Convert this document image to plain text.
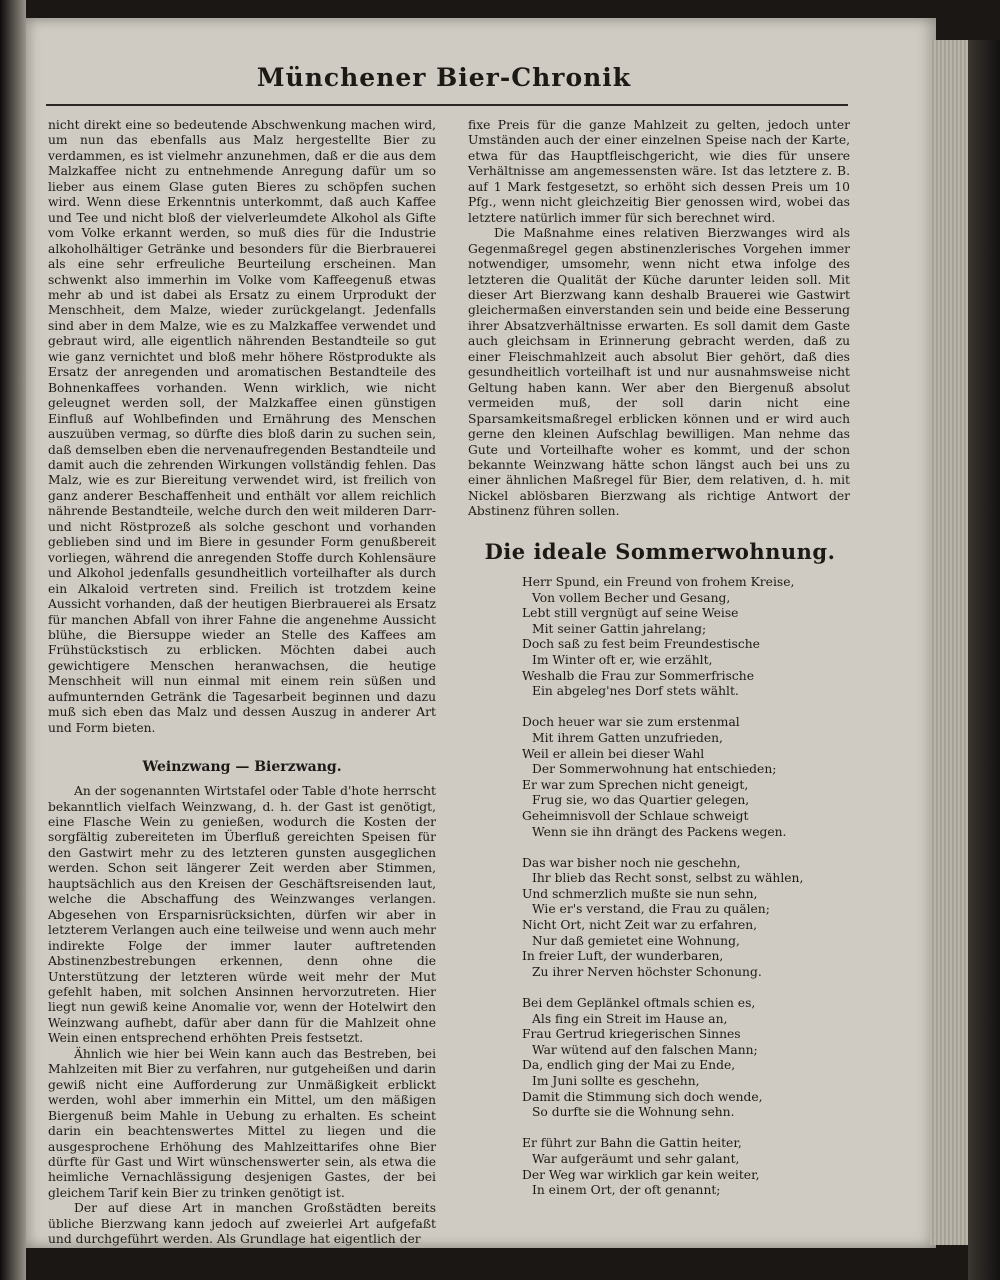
Münchener Bier-Chronik

nicht direkt eine so bedeutende Abschwenkung machen wird, um nun das ebenfalls aus Malz hergestellte Bier zu verdammen, es ist vielmehr anzunehmen, daß er die aus dem Malzkaffee nicht zu entnehmende Anregung dafür um so lieber aus einem Glase guten Bieres zu schöpfen suchen wird. Wenn diese Erkenntnis unterkommt, daß auch Kaffee und Tee und nicht bloß der vielverleumdete Alkohol als Gifte vom Volke erkannt werden, so muß dies für die Industrie alkoholhältiger Getränke und besonders für die Bierbrauerei als eine sehr erfreuliche Beurteilung erscheinen. Man schwenkt also immerhin im Volke vom Kaffeegenuß etwas mehr ab und ist dabei als Ersatz zu einem Urprodukt der Menschheit, dem Malze, wieder zurückgelangt. Jedenfalls sind aber in dem Malze, wie es zu Malzkaffee verwendet und gebraut wird, alle eigentlich nährenden Bestandteile so gut wie ganz vernichtet und bloß mehr höhere Röstprodukte als Ersatz der anregenden und aromatischen Bestandteile des Bohnenkaffees vorhanden. Wenn wirklich, wie nicht geleugnet werden soll, der Malzkaffee einen günstigen Einfluß auf Wohlbefinden und Ernährung des Menschen auszuüben vermag, so dürfte dies bloß darin zu suchen sein, daß demselben eben die nervenaufregenden Bestandteile und damit auch die zehrenden Wirkungen vollständig fehlen. Das Malz, wie es zur Biereitung verwendet wird, ist freilich von ganz anderer Beschaffenheit und enthält vor allem reichlich nährende Bestandteile, welche durch den weit milderen Darr- und nicht Röstprozeß als solche geschont und vorhanden geblieben sind und im Biere in gesunder Form genußbereit vorliegen, während die anregenden Stoffe durch Kohlensäure und Alkohol jedenfalls gesundheitlich vorteilhafter als durch ein Alkaloid vertreten sind. Freilich ist trotzdem keine Aussicht vorhanden, daß der heutigen Bierbrauerei als Ersatz für manchen Abfall von ihrer Fahne die angenehme Aussicht blühe, die Biersuppe wieder an Stelle des Kaffees am Frühstückstisch zu erblicken. Möchten dabei auch gewichtigere Menschen heranwachsen, die heutige Menschheit will nun einmal mit einem rein süßen und aufmunternden Getränk die Tagesarbeit beginnen und dazu muß sich eben das Malz und dessen Auszug in anderer Art und Form bieten.

Weinzwang — Bierzwang.

An der sogenannten Wirtstafel oder Table d'hote herrscht bekanntlich vielfach Weinzwang, d. h. der Gast ist genötigt, eine Flasche Wein zu genießen, wodurch die Kosten der sorgfältig zubereiteten im Überfluß gereichten Speisen für den Gastwirt mehr zu des letzteren gunsten ausgeglichen werden. Schon seit längerer Zeit werden aber Stimmen, hauptsächlich aus den Kreisen der Geschäftsreisenden laut, welche die Abschaffung des Weinzwanges verlangen. Abgesehen von Ersparnisrücksichten, dürfen wir aber in letzterem Verlangen auch eine teilweise und wenn auch mehr indirekte Folge der immer lauter auftretenden Abstinenzbestrebungen erkennen, denn ohne die Unterstützung der letzteren würde weit mehr der Mut gefehlt haben, mit solchen Ansinnen hervorzutreten. Hier liegt nun gewiß keine Anomalie vor, wenn der Hotelwirt den Weinzwang aufhebt, dafür aber dann für die Mahlzeit ohne Wein einen entsprechend erhöhten Preis festsetzt.

Ähnlich wie hier bei Wein kann auch das Bestreben, bei Mahlzeiten mit Bier zu verfahren, nur gutgeheißen und darin gewiß nicht eine Aufforderung zur Unmäßigkeit erblickt werden, wohl aber immerhin ein Mittel, um den mäßigen Biergenuß beim Mahle in Uebung zu erhalten. Es scheint darin ein beachtenswertes Mittel zu liegen und die ausgesprochene Erhöhung des Mahlzeittarifes ohne Bier dürfte für Gast und Wirt wünschenswerter sein, als etwa die heimliche Vernachlässigung desjenigen Gastes, der bei gleichem Tarif kein Bier zu trinken genötigt ist.

Der auf diese Art in manchen Großstädten bereits übliche Bierzwang kann jedoch auf zweierlei Art aufgefaßt und durchgeführt werden. Als Grundlage hat eigentlich der

fixe Preis für die ganze Mahlzeit zu gelten, jedoch unter Umständen auch der einer einzelnen Speise nach der Karte, etwa für das Hauptfleischgericht, wie dies für unsere Verhältnisse am angemessensten wäre. Ist das letztere z. B. auf 1 Mark festgesetzt, so erhöht sich dessen Preis um 10 Pfg., wenn nicht gleichzeitig Bier genossen wird, wobei das letztere natürlich immer für sich berechnet wird.

Die Maßnahme eines relativen Bierzwanges wird als Gegenmaßregel gegen abstinenzlerisches Vorgehen immer notwendiger, umsomehr, wenn nicht etwa infolge des letzteren die Qualität der Küche darunter leiden soll. Mit dieser Art Bierzwang kann deshalb Brauerei wie Gastwirt gleichermaßen einverstanden sein und beide eine Besserung ihrer Absatzverhältnisse erwarten. Es soll damit dem Gaste auch gleichsam in Erinnerung gebracht werden, daß zu einer Fleischmahlzeit auch absolut Bier gehört, daß dies gesundheitlich vorteilhaft ist und nur ausnahmsweise nicht Geltung haben kann. Wer aber den Biergenuß absolut vermeiden muß, der soll darin nicht eine Sparsamkeitsmaßregel erblicken können und er wird auch gerne den kleinen Aufschlag bewilligen. Man nehme das Gute und Vorteilhafte woher es kommt, und der schon bekannte Weinzwang hätte schon längst auch bei uns zu einer ähnlichen Maßregel für Bier, dem relativen, d. h. mit Nickel ablösbaren Bierzwang als richtige Antwort der Abstinenz führen sollen.

Die ideale Sommerwohnung.
Herr Spund, ein Freund von frohem Kreise,
Von vollem Becher und Gesang,
Lebt still vergnügt auf seine Weise
Mit seiner Gattin jahrelang;
Doch saß zu fest beim Freundestische
Im Winter oft er, wie erzählt,
Weshalb die Frau zur Sommerfrische
Ein abgeleg'nes Dorf stets wählt.
Doch heuer war sie zum erstenmal
Mit ihrem Gatten unzufrieden,
Weil er allein bei dieser Wahl
Der Sommerwohnung hat entschieden;
Er war zum Sprechen nicht geneigt,
Frug sie, wo das Quartier gelegen,
Geheimnisvoll der Schlaue schweigt
Wenn sie ihn drängt des Packens wegen.
Das war bisher noch nie geschehn,
Ihr blieb das Recht sonst, selbst zu wählen,
Und schmerzlich mußte sie nun sehn,
Wie er's verstand, die Frau zu quälen;
Nicht Ort, nicht Zeit war zu erfahren,
Nur daß gemietet eine Wohnung,
In freier Luft, der wunderbaren,
Zu ihrer Nerven höchster Schonung.
Bei dem Geplänkel oftmals schien es,
Als fing ein Streit im Hause an,
Frau Gertrud kriegerischen Sinnes
War wütend auf den falschen Mann;
Da, endlich ging der Mai zu Ende,
Im Juni sollte es geschehn,
Damit die Stimmung sich doch wende,
So durfte sie die Wohnung sehn.
Er führt zur Bahn die Gattin heiter,
War aufgeräumt und sehr galant,
Der Weg war wirklich gar kein weiter,
In einem Ort, der oft genannt;
